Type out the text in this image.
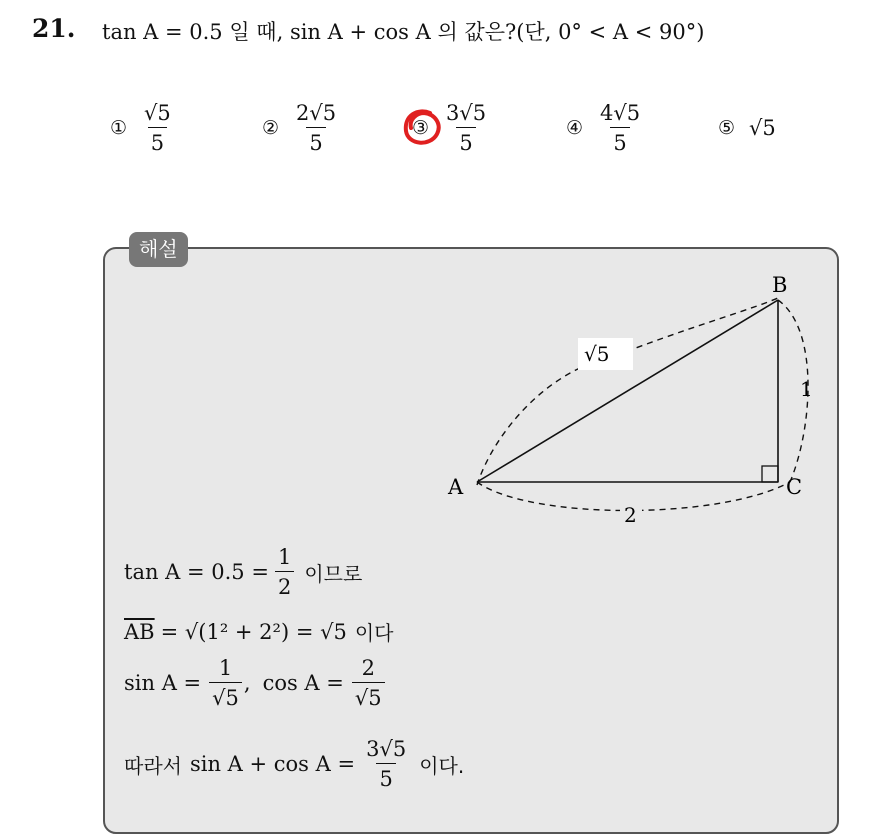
21. tan A = 0.5 일 때, sin A + cos A 의 값은?(단, 0° < A < 90°)
① $\frac{√5}{5}$	② $\frac{2√5}{5}$	③ $\frac{3√5}{5}$	④ $\frac{4√5}{5}$	⑤ √5
해설
√5
A
B
C
1
2
$\tan A = 0.5 = \frac{1}{2}$ 이므로
$\overline{AB} = √(1^2 + 2^2) = √5$ 이다
$\sin A = \frac{1}{√5}$ , $\cos A = \frac{2}{√5}$
따라서 $\sin A + \cos A = \frac{3√5}{5}$ 이다.
